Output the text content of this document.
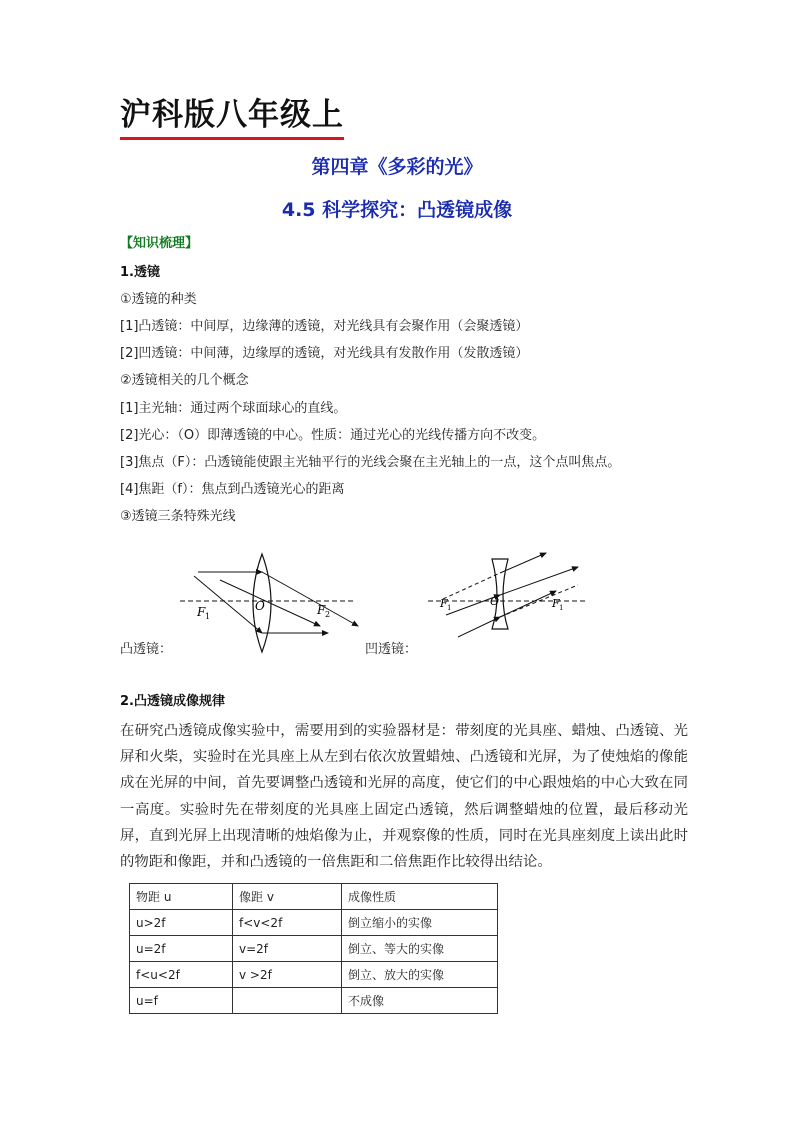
沪科版八年级上
第四章《多彩的光》
4.5 科学探究：凸透镜成像
【知识梳理】
1.透镜
①透镜的种类
[1]凸透镜：中间厚，边缘薄的透镜，对光线具有会聚作用（会聚透镜）
[2]凹透镜：中间薄，边缘厚的透镜，对光线具有发散作用（发散透镜）
②透镜相关的几个概念
[1]主光轴：通过两个球面球心的直线。
[2]光心：（O）即薄透镜的中心。性质：通过光心的光线传播方向不改变。
[3]焦点（F）：凸透镜能使跟主光轴平行的光线会聚在主光轴上的一点，这个点叫焦点。
[4]焦距（f）：焦点到凸透镜光心的距离
③透镜三条特殊光线
F 1
O	F 2
凸透镜：
F 1	O	F 1
凹透镜：
2.凸透镜成像规律
在研究凸透镜成像实验中，需要用到的实验器材是：带刻度的光具座、蜡烛、凸透镜、光屏和火柴，实验时在光具座上从左到右依次放置蜡烛、凸透镜和光屏，为了使烛焰的像能成在光屏的中间，首先要调整凸透镜和光屏的高度，使它们的中心跟烛焰的中心大致在同一高度。实验时先在带刻度的光具座上固定凸透镜，然后调整蜡烛的位置，最后移动光屏，直到光屏上出现清晰的烛焰像为止，并观察像的性质，同时在光具座刻度上读出此时的物距和像距，并和凸透镜的一倍焦距和二倍焦距作比较得出结论。
物距 u	像距 v	成像性质
u>2f	f<v<2f	倒立缩小的实像
u=2f	v=2f	倒立、等大的实像
f<u<2f	v >2f	倒立、放大的实像
u=f		不成像
